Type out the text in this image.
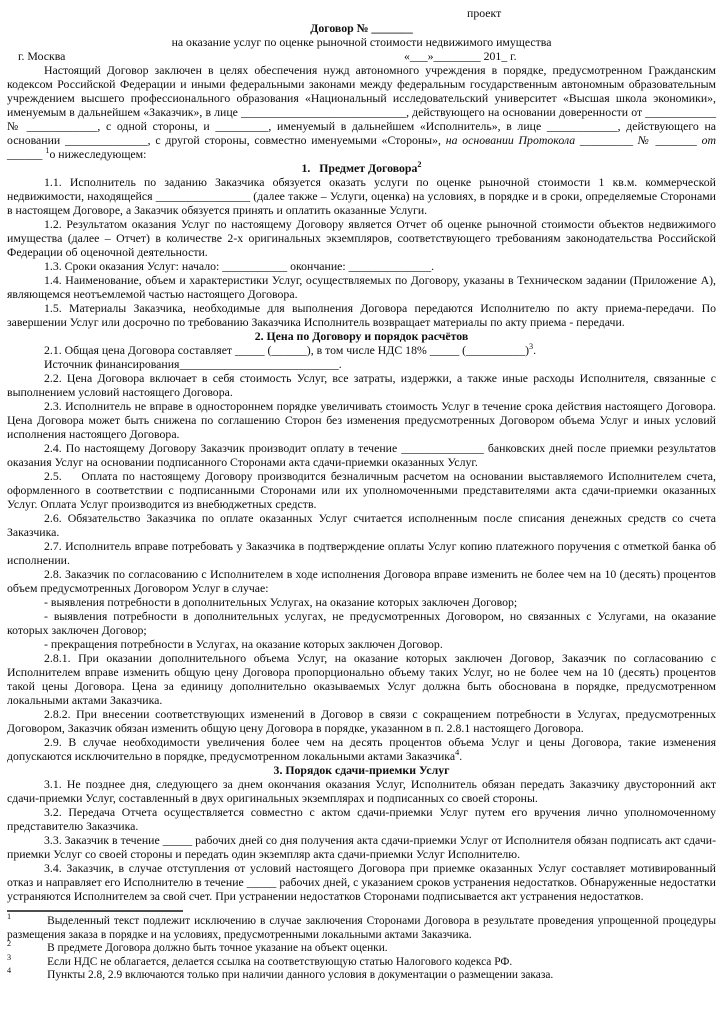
проект
Договор № _______
на оказание услуг по оценке рыночной стоимости недвижимого имущества
г. Москва	«___»________ 201_ г.

Настоящий Договор заключен в целях обеспечения нужд автономного учреждения в порядке, предусмотренном Гражданским кодексом Российской Федерации и иными федеральными законами между федеральным государственным автономным образовательным учреждением высшего профессионального образования «Национальный исследовательский университет «Высшая школа экономики», именуемым в дальнейшем «Заказчик», в лице ____________________________, действующего на основании доверенности от ____________ № ____________, с одной стороны, и _________, именуемый в дальнейшем «Исполнитель», в лице ____________, действующего на основании ______________, с другой стороны, совместно именуемыми «Стороны», на основании Протокола _________ № _______ от ______ $^1$о нижеследующем:

1.   Предмет Договора$^2$

1.1. Исполнитель по заданию Заказчика обязуется оказать услуги по оценке рыночной стоимости 1 кв.м. коммерческой недвижимости, находящейся ________________ (далее также – Услуги, оценка) на условиях, в порядке и в сроки, определяемые Сторонами в настоящем Договоре, а Заказчик обязуется принять и оплатить оказанные Услуги.

1.2. Результатом оказания Услуг по настоящему Договору является Отчет об оценке рыночной стоимости объектов недвижимого имущества (далее – Отчет) в количестве 2-х оригинальных экземпляров, соответствующего требованиям законодательства Российской Федерации об оценочной деятельности.

1.3. Сроки оказания Услуг: начало: ___________ окончание: ______________.

1.4. Наименование, объем и характеристики Услуг, осуществляемых по Договору, указаны в Техническом задании (Приложение А), являющемся неотъемлемой частью настоящего Договора.

1.5. Материалы Заказчика, необходимые для выполнения Договора передаются Исполнителю по акту приема-передачи. По завершении Услуг или досрочно по требованию Заказчика Исполнитель возвращает материалы по акту приема - передачи.

2. Цена по Договору и порядок расчётов

2.1. Общая цена Договора составляет _____ (______), в том числе НДС 18% _____ (__________)$^3$.

Источник финансирования___________________________.

2.2. Цена Договора включает в себя стоимость Услуг, все затраты, издержки, а также иные расходы Исполнителя, связанные с выполнением условий настоящего Договора.

2.3. Исполнитель не вправе в одностороннем порядке увеличивать стоимость Услуг в течение срока действия настоящего Договора. Цена Договора может быть снижена по соглашению Сторон без изменения предусмотренных Договором объема Услуг и иных условий исполнения настоящего Договора.

2.4. По настоящему Договору Заказчик производит оплату в течение ______________ банковских дней после приемки результатов оказания Услуг на основании подписанного Сторонами акта сдачи-приемки оказанных Услуг.

2.5.    Оплата по настоящему Договору производится безналичным расчетом на основании выставляемого Исполнителем счета, оформленного в соответствии с подписанными Сторонами или их уполномоченными представителями акта сдачи-приемки оказанных Услуг. Оплата Услуг производится из внебюджетных средств.

2.6. Обязательство Заказчика по оплате оказанных Услуг считается исполненным после списания денежных средств со счета Заказчика.

2.7. Исполнитель вправе потребовать у Заказчика в подтверждение оплаты Услуг копию платежного поручения с отметкой банка об исполнении.

2.8. Заказчик по согласованию с Исполнителем в ходе исполнения Договора вправе изменить не более чем на 10 (десять) процентов объем предусмотренных Договором Услуг в случае:

- выявления потребности в дополнительных Услугах, на оказание которых заключен Договор;

- выявления потребности в дополнительных услугах, не предусмотренных Договором, но связанных с Услугами, на оказание которых заключен Договор;

- прекращения потребности в Услугах, на оказание которых заключен Договор.

2.8.1. При оказании дополнительного объема Услуг, на оказание которых заключен Договор, Заказчик по согласованию с Исполнителем вправе изменить общую цену Договора пропорционально объему таких Услуг, но не более чем на 10 (десять) процентов такой цены Договора. Цена за единицу дополнительно оказываемых Услуг должна быть обоснована в порядке, предусмотренном локальными актами Заказчика.

2.8.2. При внесении соответствующих изменений в Договор в связи с сокращением потребности в Услугах, предусмотренных Договором, Заказчик обязан изменить общую цену Договора в порядке, указанном в п. 2.8.1 настоящего Договора.

2.9. В случае необходимости увеличения более чем на десять процентов объема Услуг и цены Договора, такие изменения допускаются исключительно в порядке, предусмотренном локальными актами Заказчика$^4$.

3. Порядок сдачи-приемки Услуг

3.1. Не позднее дня, следующего за днем окончания оказания Услуг, Исполнитель обязан передать Заказчику двусторонний акт сдачи-приемки Услуг, составленный в двух оригинальных экземплярах и подписанных со своей стороны.

3.2. Передача Отчета осуществляется совместно с актом сдачи-приемки Услуг путем его вручения лично уполномоченному представителю Заказчика.

3.3. Заказчик в течение _____ рабочих дней со дня получения акта сдачи-приемки Услуг от Исполнителя обязан подписать акт сдачи-приемки Услуг со своей стороны и передать один экземпляр акта сдачи-приемки Услуг Исполнителю.

3.4. Заказчик, в случае отступления от условий настоящего Договора при приемке оказанных Услуг составляет мотивированный отказ и направляет его Исполнителю в течение _____ рабочих дней, с указанием сроков устранения недостатков. Обнаруженные недостатки устраняются Исполнителем за свой счет. При устранении недостатков Сторонами подписывается акт устранения недостатков.

$^1$	Выделенный текст подлежит исключению в случае заключения Сторонами Договора в результате проведения упрощенной процедуры размещения заказа в порядке и на условиях, предусмотренными локальными актами Заказчика.

$^2$	В предмете Договора должно быть точное указание на объект оценки.

$^3$	Если НДС не облагается, делается ссылка на соответствующую статью Налогового кодекса РФ.

$^4$	Пункты 2.8, 2.9 включаются только при наличии данного условия в документации о размещении заказа.
